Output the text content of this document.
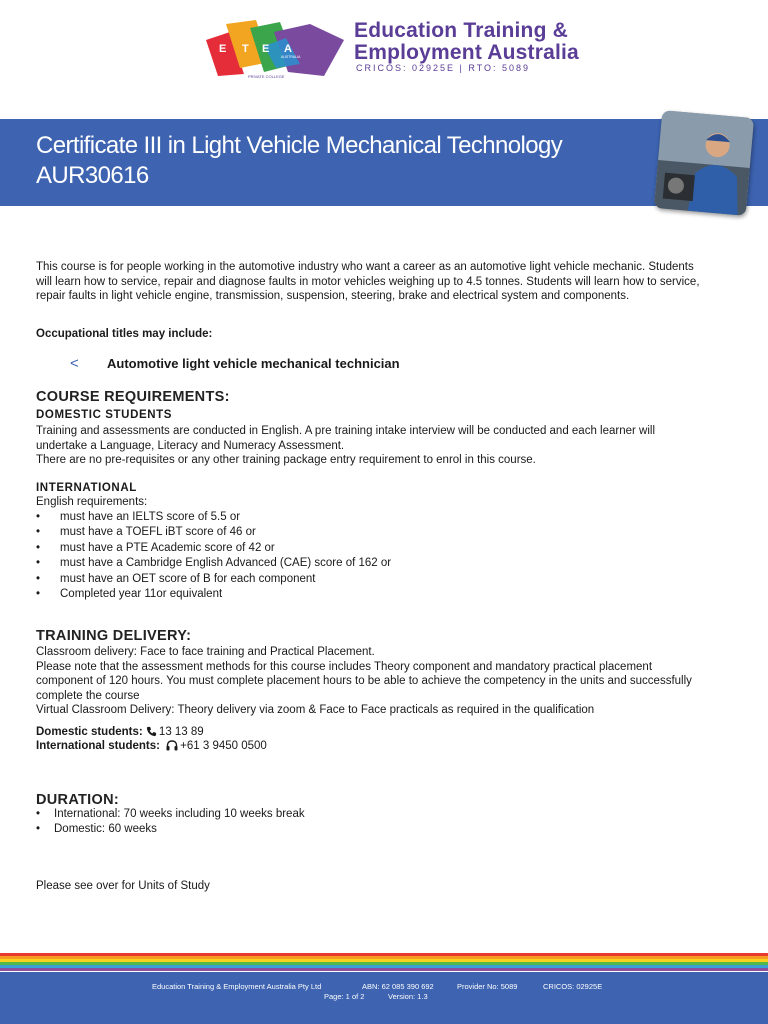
E T E A
AUSTRALIA
PRIVATE COLLEGE
Education Training &
Employment Australia
CRICOS: 02925E | RTO: 5089
Certificate III in Light Vehicle Mechanical Technology
AUR30616

This course is for people working in the automotive industry who want a career as an automotive light vehicle mechanic. Students will learn how to service, repair and diagnose faults in motor vehicles weighing up to 4.5 tonnes. Students will learn how to service, repair faults in light vehicle engine, transmission, suspension, steering, brake and electrical system and components.

Occupational titles may include:

< Automotive light vehicle mechanical technician
COURSE REQUIREMENTS:
DOMESTIC STUDENTS

Training and assessments are conducted in English. A pre training intake interview will be conducted and each learner will undertake a Language, Literacy and Numeracy Assessment.

There are no pre-requisites or any other training package entry requirement to enrol in this course.

INTERNATIONAL

English requirements:

• must have an IELTS score of 5.5 or
• must have a TOEFL iBT score of 46 or
• must have a PTE Academic score of 42 or
• must have a Cambridge English Advanced (CAE) score of 162 or
• must have an OET score of B for each component
• Completed year 11or equivalent
TRAINING DELIVERY:

Classroom delivery: Face to face training and Practical Placement.

Please note that the assessment methods for this course includes Theory component and mandatory practical placement component of 120 hours. You must complete placement hours to be able to achieve the competency in the units and successfully complete the course

Virtual Classroom Delivery: Theory delivery via zoom & Face to Face practicals as required in the qualification

Domestic students: 13 13 89
International students: +61 3 9450 0500
DURATION:
• International: 70 weeks including 10 weeks break
• Domestic: 60 weeks

Please see over for Units of Study

Education Training & Employment Australia Pty Ltd	ABN: 62 085 390 692	Provider No: 5089	CRICOS: 02925E
Page: 1 of 2	Version: 1.3
